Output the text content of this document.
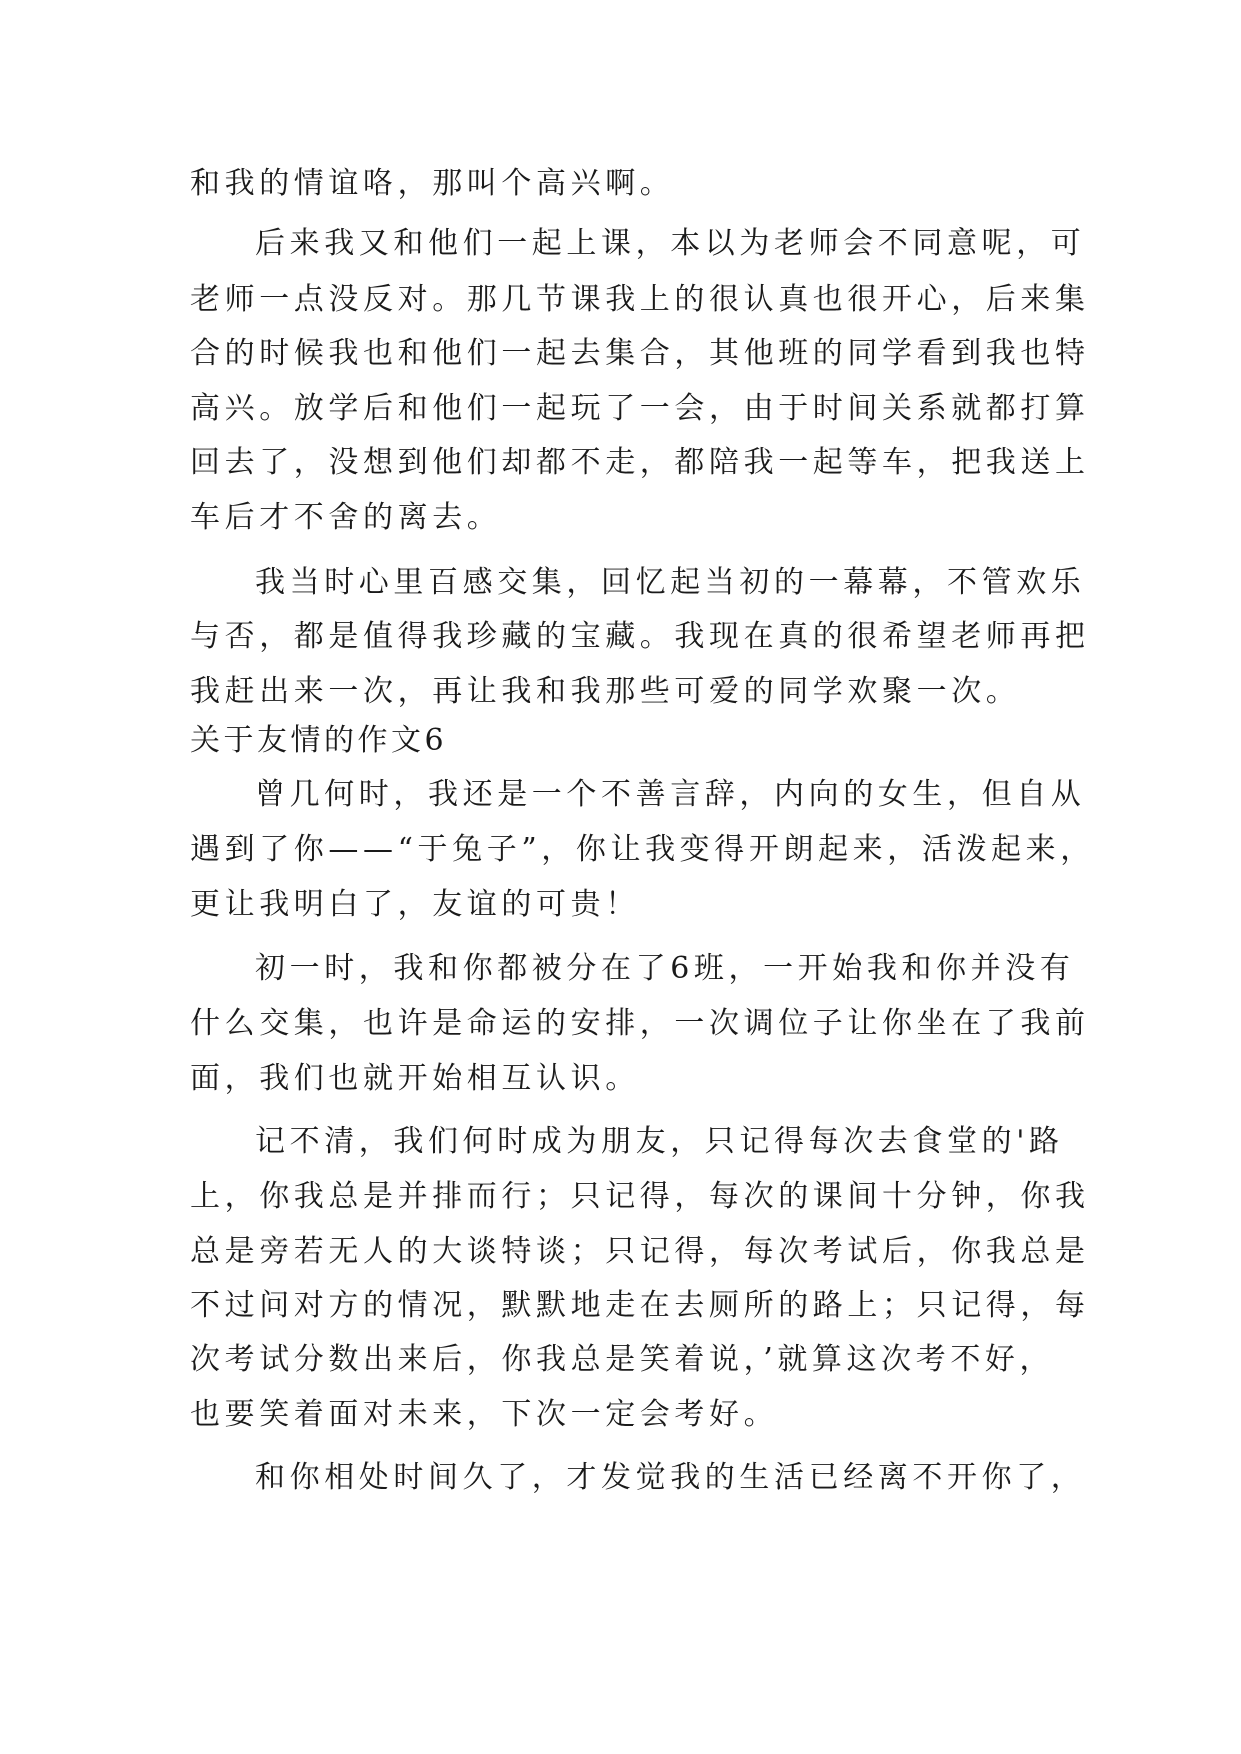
和我的情谊咯，那叫个高兴啊。
后来我又和他们一起上课，本以为老师会不同意呢，可
老师一点没反对。那几节课我上的很认真也很开心，后来集
合的时候我也和他们一起去集合，其他班的同学看到我也特
高兴。放学后和他们一起玩了一会，由于时间关系就都打算
回去了，没想到他们却都不走，都陪我一起等车，把我送上
车后才不舍的离去。
我当时心里百感交集，回忆起当初的一幕幕，不管欢乐
与否，都是值得我珍藏的宝藏。我现在真的很希望老师再把
我赶出来一次，再让我和我那些可爱的同学欢聚一次。
关于友情的作文6
曾几何时，我还是一个不善言辞，内向的女生，但自从
遇到了你——“于兔子”，你让我变得开朗起来，活泼起来，
更让我明白了，友谊的可贵！
初一时，我和你都被分在了6班，一开始我和你并没有
什么交集，也许是命运的安排，一次调位子让你坐在了我前
面，我们也就开始相互认识。
记不清，我们何时成为朋友，只记得每次去食堂的'路
上，你我总是并排而行；只记得，每次的课间十分钟，你我
总是旁若无人的大谈特谈；只记得，每次考试后，你我总是
不过问对方的情况，默默地走在去厕所的路上；只记得，每
次考试分数出来后，你我总是笑着说，’就算这次考不好，
也要笑着面对未来，下次一定会考好。
和你相处时间久了，才发觉我的生活已经离不开你了，
